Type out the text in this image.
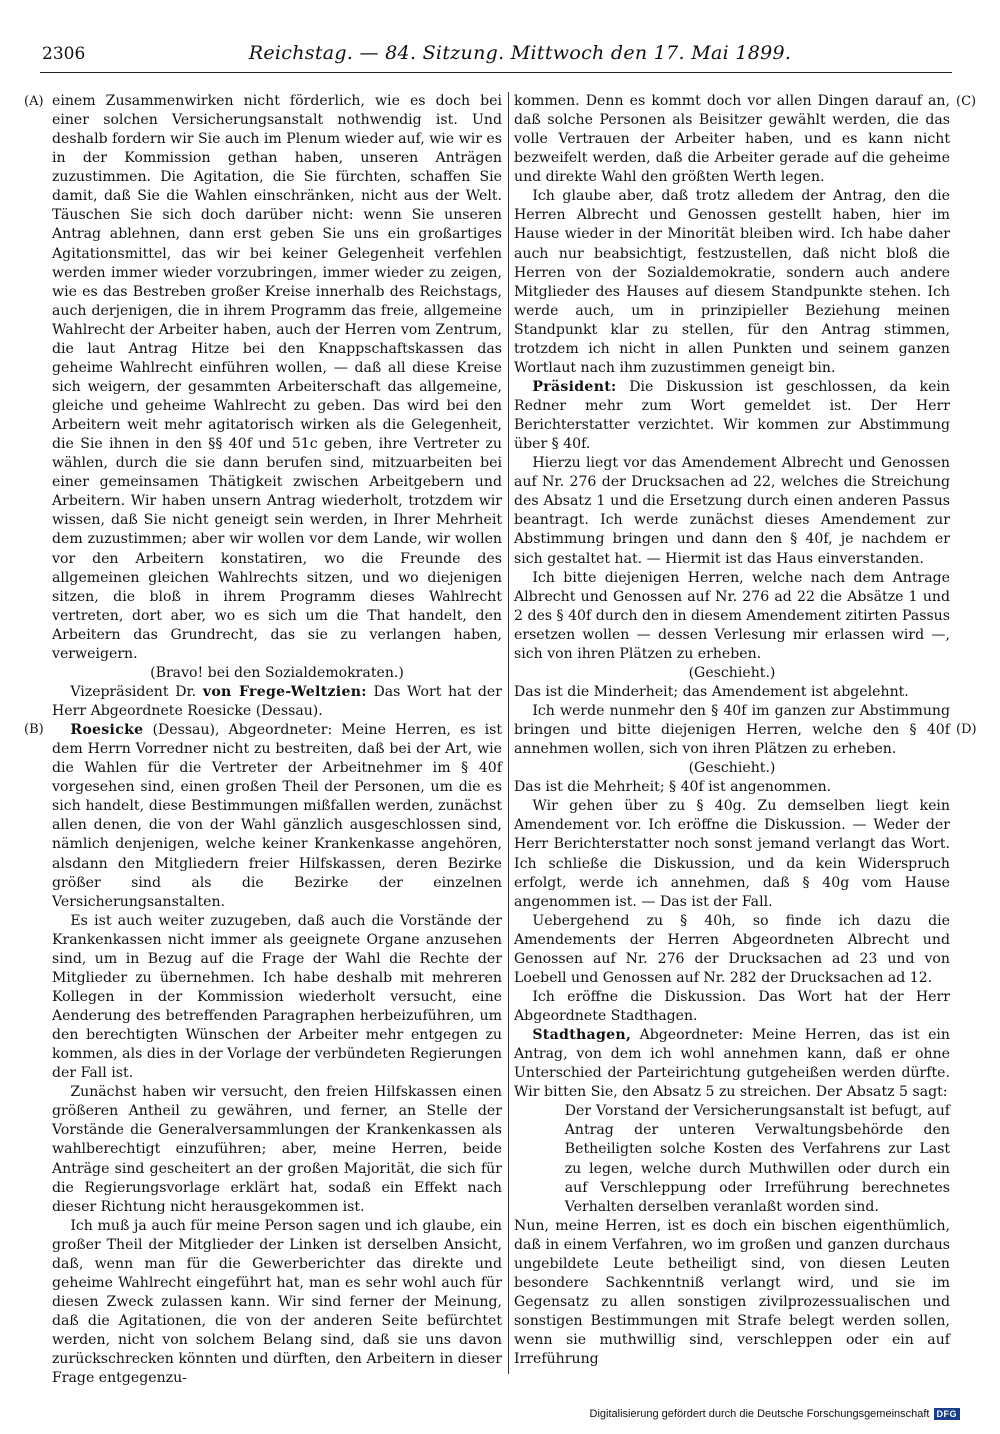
2306	Reichstag. — 84. Sitzung. Mittwoch den 17. Mai 1899.
(A)
(B)
(C)
(D)

einem Zusammenwirken nicht förderlich, wie es doch bei einer solchen Versicherungsanstalt nothwendig ist. Und deshalb fordern wir Sie auch im Plenum wieder auf, wie wir es in der Kommission gethan haben, unseren Anträgen zuzustimmen. Die Agitation, die Sie fürchten, schaffen Sie damit, daß Sie die Wahlen einschränken, nicht aus der Welt. Täuschen Sie sich doch darüber nicht: wenn Sie unseren Antrag ablehnen, dann erst geben Sie uns ein großartiges Agitationsmittel, das wir bei keiner Gelegenheit verfehlen werden immer wieder vorzubringen, immer wieder zu zeigen, wie es das Bestreben großer Kreise innerhalb des Reichstags, auch derjenigen, die in ihrem Programm das freie, allgemeine Wahlrecht der Arbeiter haben, auch der Herren vom Zentrum, die laut Antrag Hitze bei den Knappschaftskassen das geheime Wahlrecht einführen wollen, — daß all diese Kreise sich weigern, der gesammten Arbeiterschaft das allgemeine, gleiche und geheime Wahlrecht zu geben. Das wird bei den Arbeitern weit mehr agitatorisch wirken als die Gelegenheit, die Sie ihnen in den §§ 40f und 51c geben, ihre Vertreter zu wählen, durch die sie dann berufen sind, mitzuarbeiten bei einer gemeinsamen Thätigkeit zwischen Arbeitgebern und Arbeitern. Wir haben unsern Antrag wiederholt, trotzdem wir wissen, daß Sie nicht geneigt sein werden, in Ihrer Mehrheit dem zuzustimmen; aber wir wollen vor dem Lande, wir wollen vor den Arbeitern konstatiren, wo die Freunde des allgemeinen gleichen Wahlrechts sitzen, und wo diejenigen sitzen, die bloß in ihrem Programm dieses Wahlrecht vertreten, dort aber, wo es sich um die That handelt, den Arbeitern das Grundrecht, das sie zu verlangen haben, verweigern.

(Bravo! bei den Sozialdemokraten.)

Vizepräsident Dr. von Frege-Weltzien: Das Wort hat der Herr Abgeordnete Roesicke (Dessau).

Roesicke (Dessau), Abgeordneter: Meine Herren, es ist dem Herrn Vorredner nicht zu bestreiten, daß bei der Art, wie die Wahlen für die Vertreter der Arbeitnehmer im § 40f vorgesehen sind, einen großen Theil der Personen, um die es sich handelt, diese Bestimmungen mißfallen werden, zunächst allen denen, die von der Wahl gänzlich ausgeschlossen sind, nämlich denjenigen, welche keiner Krankenkasse angehören, alsdann den Mitgliedern freier Hilfskassen, deren Bezirke größer sind als die Bezirke der einzelnen Versicherungsanstalten.

Es ist auch weiter zuzugeben, daß auch die Vorstände der Krankenkassen nicht immer als geeignete Organe anzusehen sind, um in Bezug auf die Frage der Wahl die Rechte der Mitglieder zu übernehmen. Ich habe deshalb mit mehreren Kollegen in der Kommission wiederholt versucht, eine Aenderung des betreffenden Paragraphen herbeizuführen, um den berechtigten Wünschen der Arbeiter mehr entgegen zu kommen, als dies in der Vorlage der verbündeten Regierungen der Fall ist.

Zunächst haben wir versucht, den freien Hilfskassen einen größeren Antheil zu gewähren, und ferner, an Stelle der Vorstände die Generalversammlungen der Krankenkassen als wahlberechtigt einzuführen; aber, meine Herren, beide Anträge sind gescheitert an der großen Majorität, die sich für die Regierungsvorlage erklärt hat, sodaß ein Effekt nach dieser Richtung nicht herausgekommen ist.

Ich muß ja auch für meine Person sagen und ich glaube, ein großer Theil der Mitglieder der Linken ist derselben Ansicht, daß, wenn man für die Gewerberichter das direkte und geheime Wahlrecht eingeführt hat, man es sehr wohl auch für diesen Zweck zulassen kann. Wir sind ferner der Meinung, daß die Agitationen, die von der anderen Seite befürchtet werden, nicht von solchem Belang sind, daß sie uns davon zurückschrecken könnten und dürften, den Arbeitern in dieser Frage entgegenzu-

kommen. Denn es kommt doch vor allen Dingen darauf an, daß solche Personen als Beisitzer gewählt werden, die das volle Vertrauen der Arbeiter haben, und es kann nicht bezweifelt werden, daß die Arbeiter gerade auf die geheime und direkte Wahl den größten Werth legen.

Ich glaube aber, daß trotz alledem der Antrag, den die Herren Albrecht und Genossen gestellt haben, hier im Hause wieder in der Minorität bleiben wird. Ich habe daher auch nur beabsichtigt, festzustellen, daß nicht bloß die Herren von der Sozialdemokratie, sondern auch andere Mitglieder des Hauses auf diesem Standpunkte stehen. Ich werde auch, um in prinzipieller Beziehung meinen Standpunkt klar zu stellen, für den Antrag stimmen, trotzdem ich nicht in allen Punkten und seinem ganzen Wortlaut nach ihm zuzustimmen geneigt bin.

Präsident: Die Diskussion ist geschlossen, da kein Redner mehr zum Wort gemeldet ist. Der Herr Berichterstatter verzichtet. Wir kommen zur Abstimmung über § 40f.

Hierzu liegt vor das Amendement Albrecht und Genossen auf Nr. 276 der Drucksachen ad 22, welches die Streichung des Absatz 1 und die Ersetzung durch einen anderen Passus beantragt. Ich werde zunächst dieses Amendement zur Abstimmung bringen und dann den § 40f, je nachdem er sich gestaltet hat. — Hiermit ist das Haus einverstanden.

Ich bitte diejenigen Herren, welche nach dem Antrage Albrecht und Genossen auf Nr. 276 ad 22 die Absätze 1 und 2 des § 40f durch den in diesem Amendement zitirten Passus ersetzen wollen — dessen Verlesung mir erlassen wird —, sich von ihren Plätzen zu erheben.

(Geschieht.)

Das ist die Minderheit; das Amendement ist abgelehnt.

Ich werde nunmehr den § 40f im ganzen zur Abstimmung bringen und bitte diejenigen Herren, welche den § 40f annehmen wollen, sich von ihren Plätzen zu erheben.

(Geschieht.)

Das ist die Mehrheit; § 40f ist angenommen.

Wir gehen über zu § 40g. Zu demselben liegt kein Amendement vor. Ich eröffne die Diskussion. — Weder der Herr Berichterstatter noch sonst jemand verlangt das Wort. Ich schließe die Diskussion, und da kein Widerspruch erfolgt, werde ich annehmen, daß § 40g vom Hause angenommen ist. — Das ist der Fall.

Uebergehend zu § 40h, so finde ich dazu die Amendements der Herren Abgeordneten Albrecht und Genossen auf Nr. 276 der Drucksachen ad 23 und von Loebell und Genossen auf Nr. 282 der Drucksachen ad 12.

Ich eröffne die Diskussion. Das Wort hat der Herr Abgeordnete Stadthagen.

Stadthagen, Abgeordneter: Meine Herren, das ist ein Antrag, von dem ich wohl annehmen kann, daß er ohne Unterschied der Parteirichtung gutgeheißen werden dürfte. Wir bitten Sie, den Absatz 5 zu streichen. Der Absatz 5 sagt:

Der Vorstand der Versicherungsanstalt ist befugt, auf Antrag der unteren Verwaltungsbehörde den Betheiligten solche Kosten des Verfahrens zur Last zu legen, welche durch Muthwillen oder durch ein auf Verschleppung oder Irreführung berechnetes Verhalten derselben veranlaßt worden sind.

Nun, meine Herren, ist es doch ein bischen eigenthümlich, daß in einem Verfahren, wo im großen und ganzen durchaus ungebildete Leute betheiligt sind, von diesen Leuten besondere Sachkenntniß verlangt wird, und sie im Gegensatz zu allen sonstigen zivilprozessualischen und sonstigen Bestimmungen mit Strafe belegt werden sollen, wenn sie muthwillig sind, verschleppen oder ein auf Irreführung

Digitalisierung gefördert durch die Deutsche Forschungsgemeinschaft DFG
